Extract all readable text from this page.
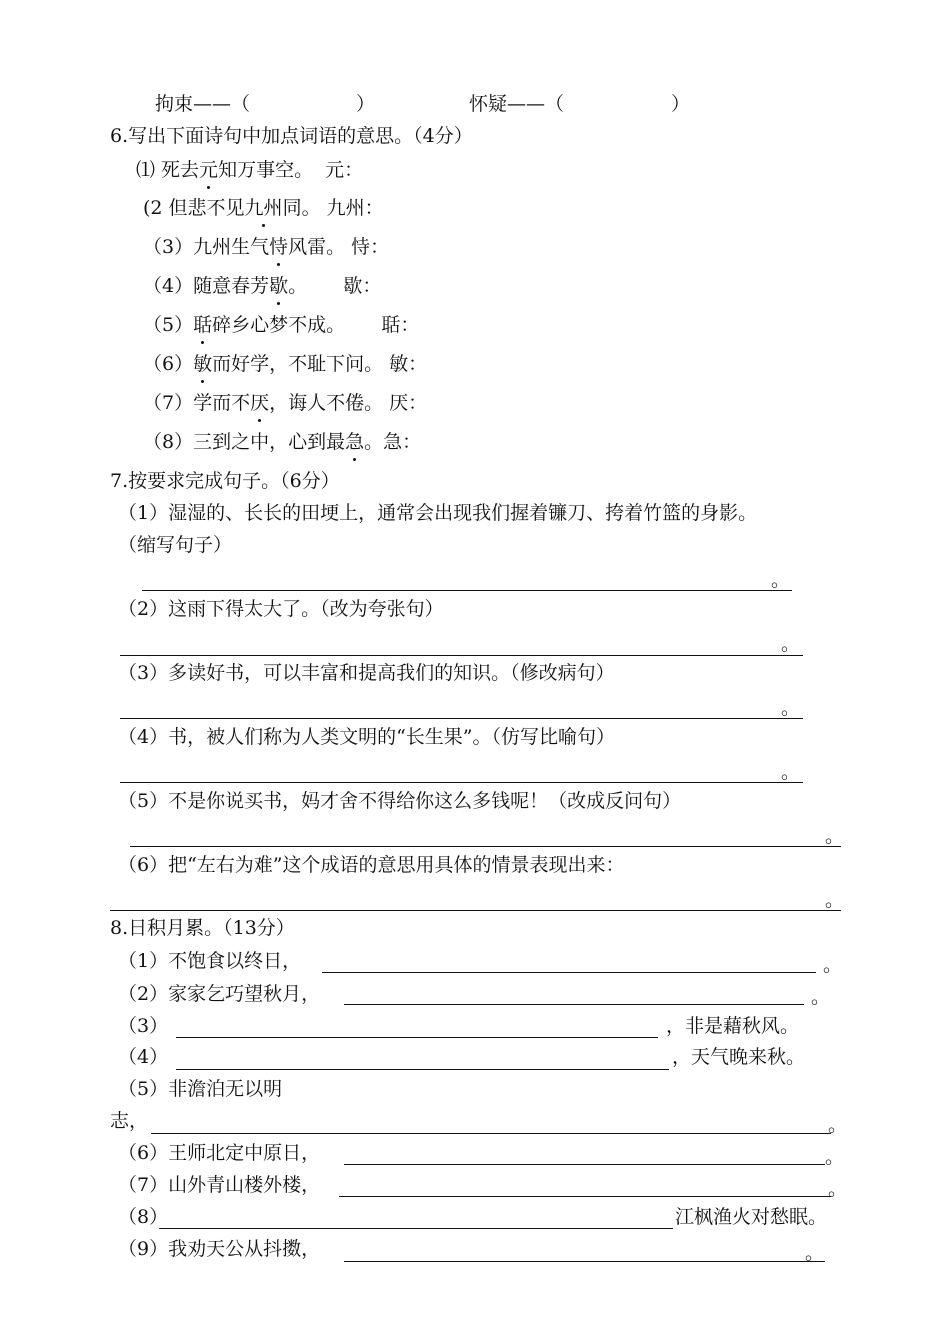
拘束——（	）	怀疑——（	）
6.写出下面诗句中加点词语的意思。（4分）
⑴ 死去元知万事空。  元：
(2 但悲不见九州同。 九州：
（3）九州生气恃风雷。 恃：
（4）随意春芳歇。      歇：
（5）聒碎乡心梦不成。      聒：
（6）敏而好学，不耻下问。 敏：
（7）学而不厌，诲人不倦。 厌：
（8）三到之中，心到最急。急：
7.按要求完成句子。（6分）
（1）湿湿的、长长的田埂上，通常会出现我们握着镰刀、挎着竹篮的身影。
（缩写句子）
。
（2）这雨下得太大了。（改为夸张句）
。
（3）多读好书，可以丰富和提高我们的知识。（修改病句）
。
（4）书，被人们称为人类文明的“长生果”。（仿写比喻句）
。
（5）不是你说买书，妈才舍不得给你这么多钱呢！（改成反问句）
。
（6）把“左右为难”这个成语的意思用具体的情景表现出来：
。
8.日积月累。（13分）
（1）不饱食以终日，	。
（2）家家乞巧望秋月，	。
（3）	，非是藉秋风。
（4）	，天气晚来秋。
（5）非澹泊无以明
志，	。
（6）王师北定中原日，	。
（7）山外青山楼外楼，	。
（8）	江枫渔火对愁眠。
（9）我劝天公从抖擞，	。
